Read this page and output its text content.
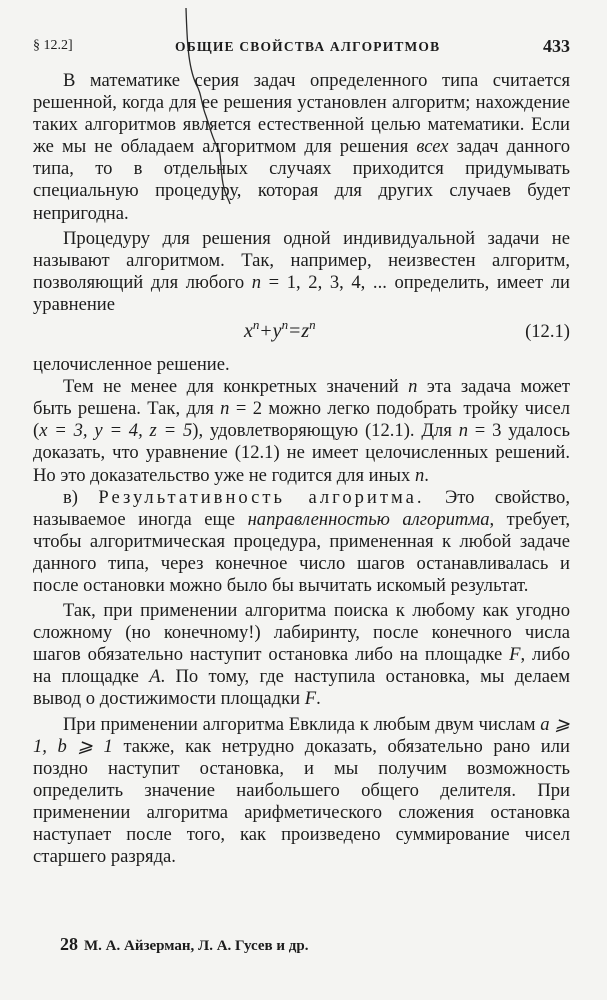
§ 12.2]	ОБЩИЕ СВОЙСТВА АЛГОРИТМОВ	433

В математике серия задач определенного типа считается решенной, когда для ее решения установлен алгоритм; нахождение таких алгоритмов является естественной целью математики. Если же мы не обладаем алгоритмом для решения всех задач данного типа, то в отдельных случаях приходится придумывать специальную процедуру, которая для других случаев будет непригодна.

Процедуру для решения одной индивидуальной задачи не называют алгоритмом. Так, например, неизвестен алгоритм, позволяющий для любого n = 1, 2, 3, 4, ... определить, имеет ли уравнение

$x^n+y^n=z^n$	(12.1)

целочисленное решение.

Тем не менее для конкретных значений n эта задача может быть решена. Так, для n = 2 можно легко подобрать тройку чисел (x = 3, y = 4, z = 5), удовлетворяющую (12.1). Для n = 3 удалось доказать, что уравнение (12.1) не имеет целочисленных решений. Но это доказательство уже не годится для иных n.

в) Результативность алгоритма. Это свойство, называемое иногда еще направленностью алгоритма, требует, чтобы алгоритмическая процедура, примененная к любой задаче данного типа, через конечное число шагов останавливалась и после остановки можно было бы вычитать искомый результат.

Так, при применении алгоритма поиска к любому как угодно сложному (но конечному!) лабиринту, после конечного числа шагов обязательно наступит остановка либо на площадке F, либо на площадке A. По тому, где наступила остановка, мы делаем вывод о достижимости площадки F.

При применении алгоритма Евклида к любым двум числам a ⩾ 1, b ⩾ 1 также, как нетрудно доказать, обязательно рано или поздно наступит остановка, и мы получим возможность определить значение наибольшего общего делителя. При применении алгоритма арифметического сложения остановка наступает после того, как произведено суммирование чисел старшего разряда.

28 М. А. Айзерман, Л. А. Гусев и др.
